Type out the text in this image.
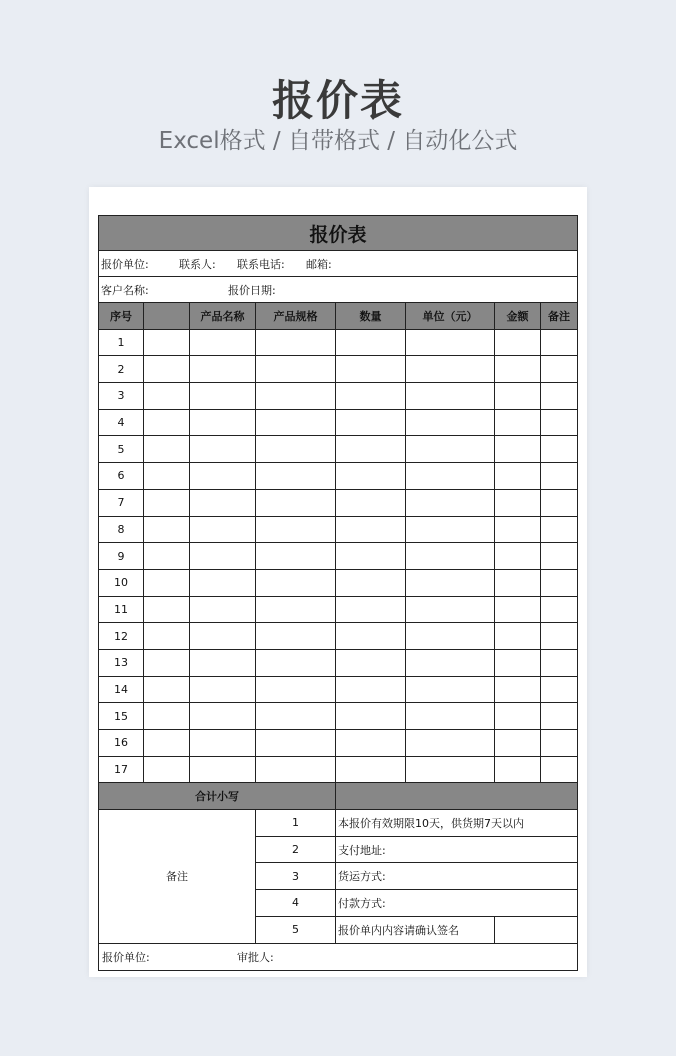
报价表
Excel格式 / 自带格式 / 自动化公式
报价表							
报价单位: 联系人: 联系电话: 邮箱:							
客户名称: 报价日期:							
序号		产品名称	产品规格	数量	单位（元）	金额	备注
1							
2							
3							
4							
5							
6							
7							
8							
9							
10							
11							
12							
13							
14							
15							
16							
17							
合计小写							
备注			1	本报价有效期限10天，供货期7天以内			
			2	支付地址:			
			3	货运方式:			
			4	付款方式:			
			5	报价单内内容请确认签名			
报价单位: 审批人:							
